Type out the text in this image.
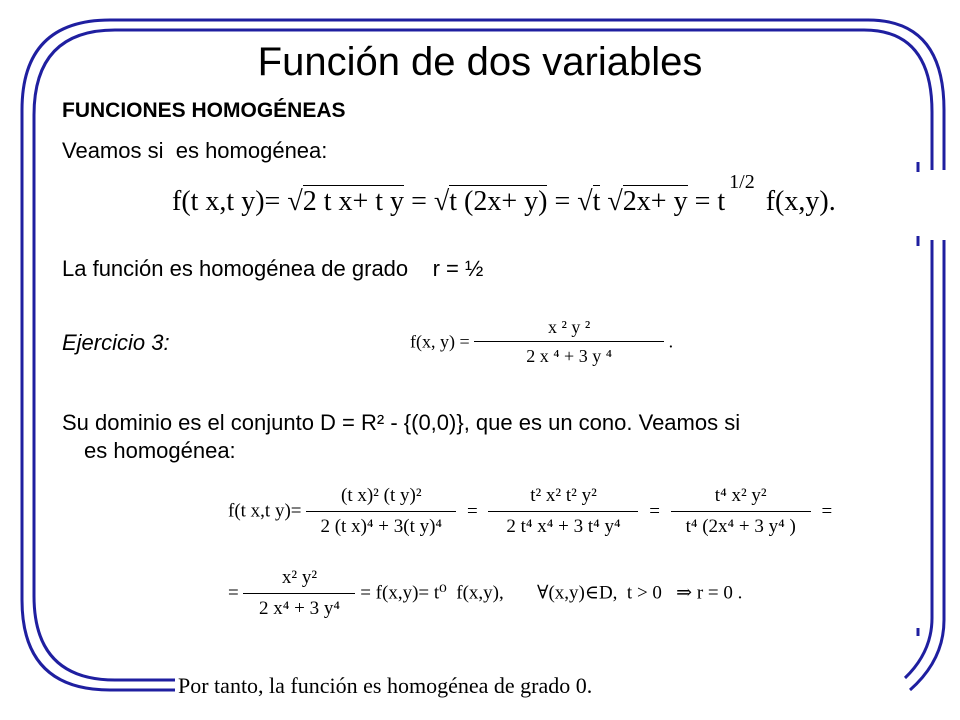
Función de dos variables
FUNCIONES HOMOGÉNEAS
Veamos si  es homogénea:
f(t x,t y)= √2 t x+ t y = √t (2x+ y) = √t √2x+ y = t1/2 f(x,y).
La función es homogénea de grado    r = ½
Ejercicio 3:	f(x, $y) = \frac{\text{x ² y ²}}{\text{2 x ⁴ + 3 y ⁴}}$ .
Su dominio es el conjunto D = R² - {(0,0)}, que es un cono. Veamos si
es homogénea:
f(t x,t $y)= \frac{\text{(t x)² (t y)²}}{\text{2 (t x)⁴ + 3(t y)⁴}} = \frac{\text{t² x² t² y²}}{\text{2 t⁴ x⁴ + 3 t⁴ y⁴}} = \frac{\text{t⁴ x² y²}}{\text{t⁴ (2x⁴ + 3 y⁴ )}}$ =
= $\frac{\text{x² y²}}{\text{2 x⁴ + 3 y⁴}} = f(x,y)= t^0$  f(x,y),       ∀(x,y)∈D,  t > 0   ⇒ r = 0 .
Por tanto, la función es homogénea de grado 0.
